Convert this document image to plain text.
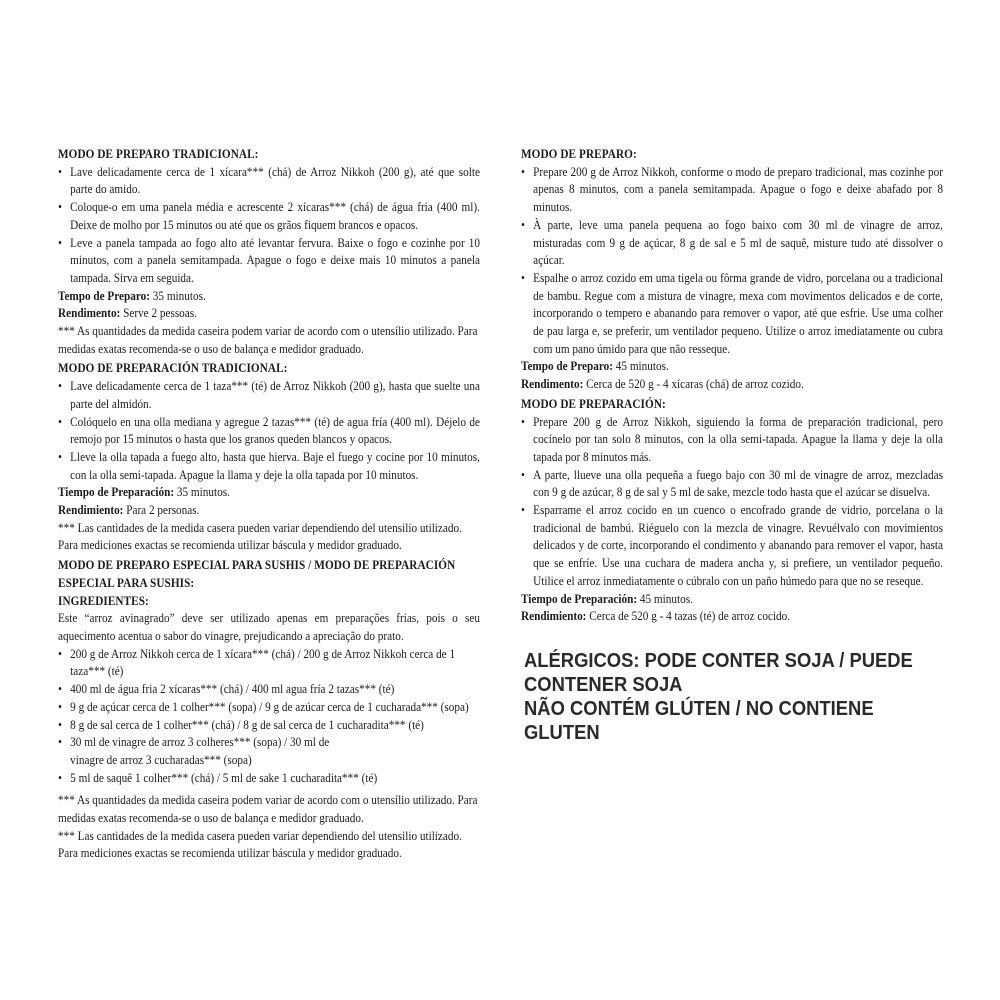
MODO DE PREPARO TRADICIONAL:

• Lave delicadamente cerca de 1 xícara*** (chá) de Arroz Nikkoh (200 g), até que solte parte do amido.
• Coloque-o em uma panela média e acrescente 2 xícaras*** (chá) de água fria (400 ml). Deixe de molho por 15 minutos ou até que os grãos fiquem brancos e opacos.
• Leve a panela tampada ao fogo alto até levantar fervura. Baixe o fogo e cozinhe por 10 minutos, com a panela semitampada. Apague o fogo e deixe mais 10 minutos a panela tampada. Sirva em seguida.

Tempo de Preparo: 35 minutos.

Rendimento: Serve 2 pessoas.

*** As quantidades da medida caseira podem variar de acordo com o utensílio utilizado. Para medidas exatas recomenda-se o uso de balança e medidor graduado.

MODO DE PREPARACIÓN TRADICIONAL:

• Lave delicadamente cerca de 1 taza*** (té) de Arroz Nikkoh (200 g), hasta que suelte una parte del almidón.
• Colóquelo en una olla mediana y agregue 2 tazas*** (té) de agua fría (400 ml). Déjelo de remojo por 15 minutos o hasta que los granos queden blancos y opacos.
• Lleve la olla tapada a fuego alto, hasta que hierva. Baje el fuego y cocine por 10 minutos, con la olla semi-tapada. Apague la llama y deje la olla tapada por 10 minutos.

Tiempo de Preparación: 35 minutos.

Rendimiento: Para 2 personas.

*** Las cantidades de la medida casera pueden variar dependiendo del utensilio utilizado. Para mediciones exactas se recomienda utilizar báscula y medidor graduado.

MODO DE PREPARO ESPECIAL PARA SUSHIS / MODO DE PREPARACIÓN ESPECIAL PARA SUSHIS:

INGREDIENTES:

Este “arroz avinagrado” deve ser utilizado apenas em preparações frias, pois o seu aquecimento acentua o sabor do vinagre, prejudicando a apreciação do prato.

• 200 g de Arroz Nikkoh cerca de 1 xícara*** (chá) / 200 g de Arroz Nikkoh cerca de 1 taza*** (té)
• 400 ml de água fria 2 xícaras*** (chá) / 400 ml agua fría 2 tazas*** (té)
• 9 g de açúcar cerca de 1 colher*** (sopa) / 9 g de azúcar cerca de 1 cucharada*** (sopa)
• 8 g de sal cerca de 1 colher*** (chá) / 8 g de sal cerca de 1 cucharadita*** (té)
• 30 ml de vinagre de arroz 3 colheres*** (sopa) / 30 ml de vinagre de arroz 3 cucharadas*** (sopa)
• 5 ml de saquê 1 colher*** (chá) / 5 ml de sake 1 cucharadita*** (té)

*** As quantidades da medida caseira podem variar de acordo com o utensílio utilizado. Para medidas exatas recomenda-se o uso de balança e medidor graduado.

*** Las cantidades de la medida casera pueden variar dependiendo del utensilio utilizado. Para mediciones exactas se recomienda utilizar báscula y medidor graduado.

MODO DE PREPARO:

• Prepare 200 g de Arroz Nikkoh, conforme o modo de preparo tradicional, mas cozinhe por apenas 8 minutos, com a panela semitampada. Apague o fogo e deixe abafado por 8 minutos.
• À parte, leve uma panela pequena ao fogo baixo com 30 ml de vinagre de arroz, misturadas com 9 g de açúcar, 8 g de sal e 5 ml de saquê, misture tudo até dissolver o açúcar.
• Espalhe o arroz cozido em uma tigela ou fôrma grande de vidro, porcelana ou a tradicional de bambu. Regue com a mistura de vinagre, mexa com movimentos delicados e de corte, incorporando o tempero e abanando para remover o vapor, até que esfrie. Use uma colher de pau larga e, se preferir, um ventilador pequeno. Utilize o arroz imediatamente ou cubra com um pano úmido para que não resseque.

Tempo de Preparo: 45 minutos.

Rendimento: Cerca de 520 g - 4 xícaras (chá) de arroz cozido.

MODO DE PREPARACIÓN:

• Prepare 200 g de Arroz Nikkoh, siguiendo la forma de preparación tradicional, pero cocínelo por tan solo 8 minutos, con la olla semi-tapada. Apague la llama y deje la olla tapada por 8 minutos más.
• A parte, llueve una olla pequeña a fuego bajo con 30 ml de vinagre de arroz, mezcladas con 9 g de azúcar, 8 g de sal y 5 ml de sake, mezcle todo hasta que el azúcar se disuelva.
• Esparrame el arroz cocido en un cuenco o encofrado grande de vidrio, porcelana o la tradicional de bambú. Riéguelo con la mezcla de vinagre. Revuélvalo con movimientos delicados y de corte, incorporando el condimento y abanando para remover el vapor, hasta que se enfríe. Use una cuchara de madera ancha y, si prefiere, un ventilador pequeño. Utilice el arroz inmediatamente o cúbralo con un paño húmedo para que no se reseque.

Tiempo de Preparación: 45 minutos.

Rendimiento: Cerca de 520 g - 4 tazas (té) de arroz cocido.

ALÉRGICOS: PODE CONTER SOJA / PUEDE

CONTENER SOJA

NÃO CONTÉM GLÚTEN / NO CONTIENE GLUTEN
